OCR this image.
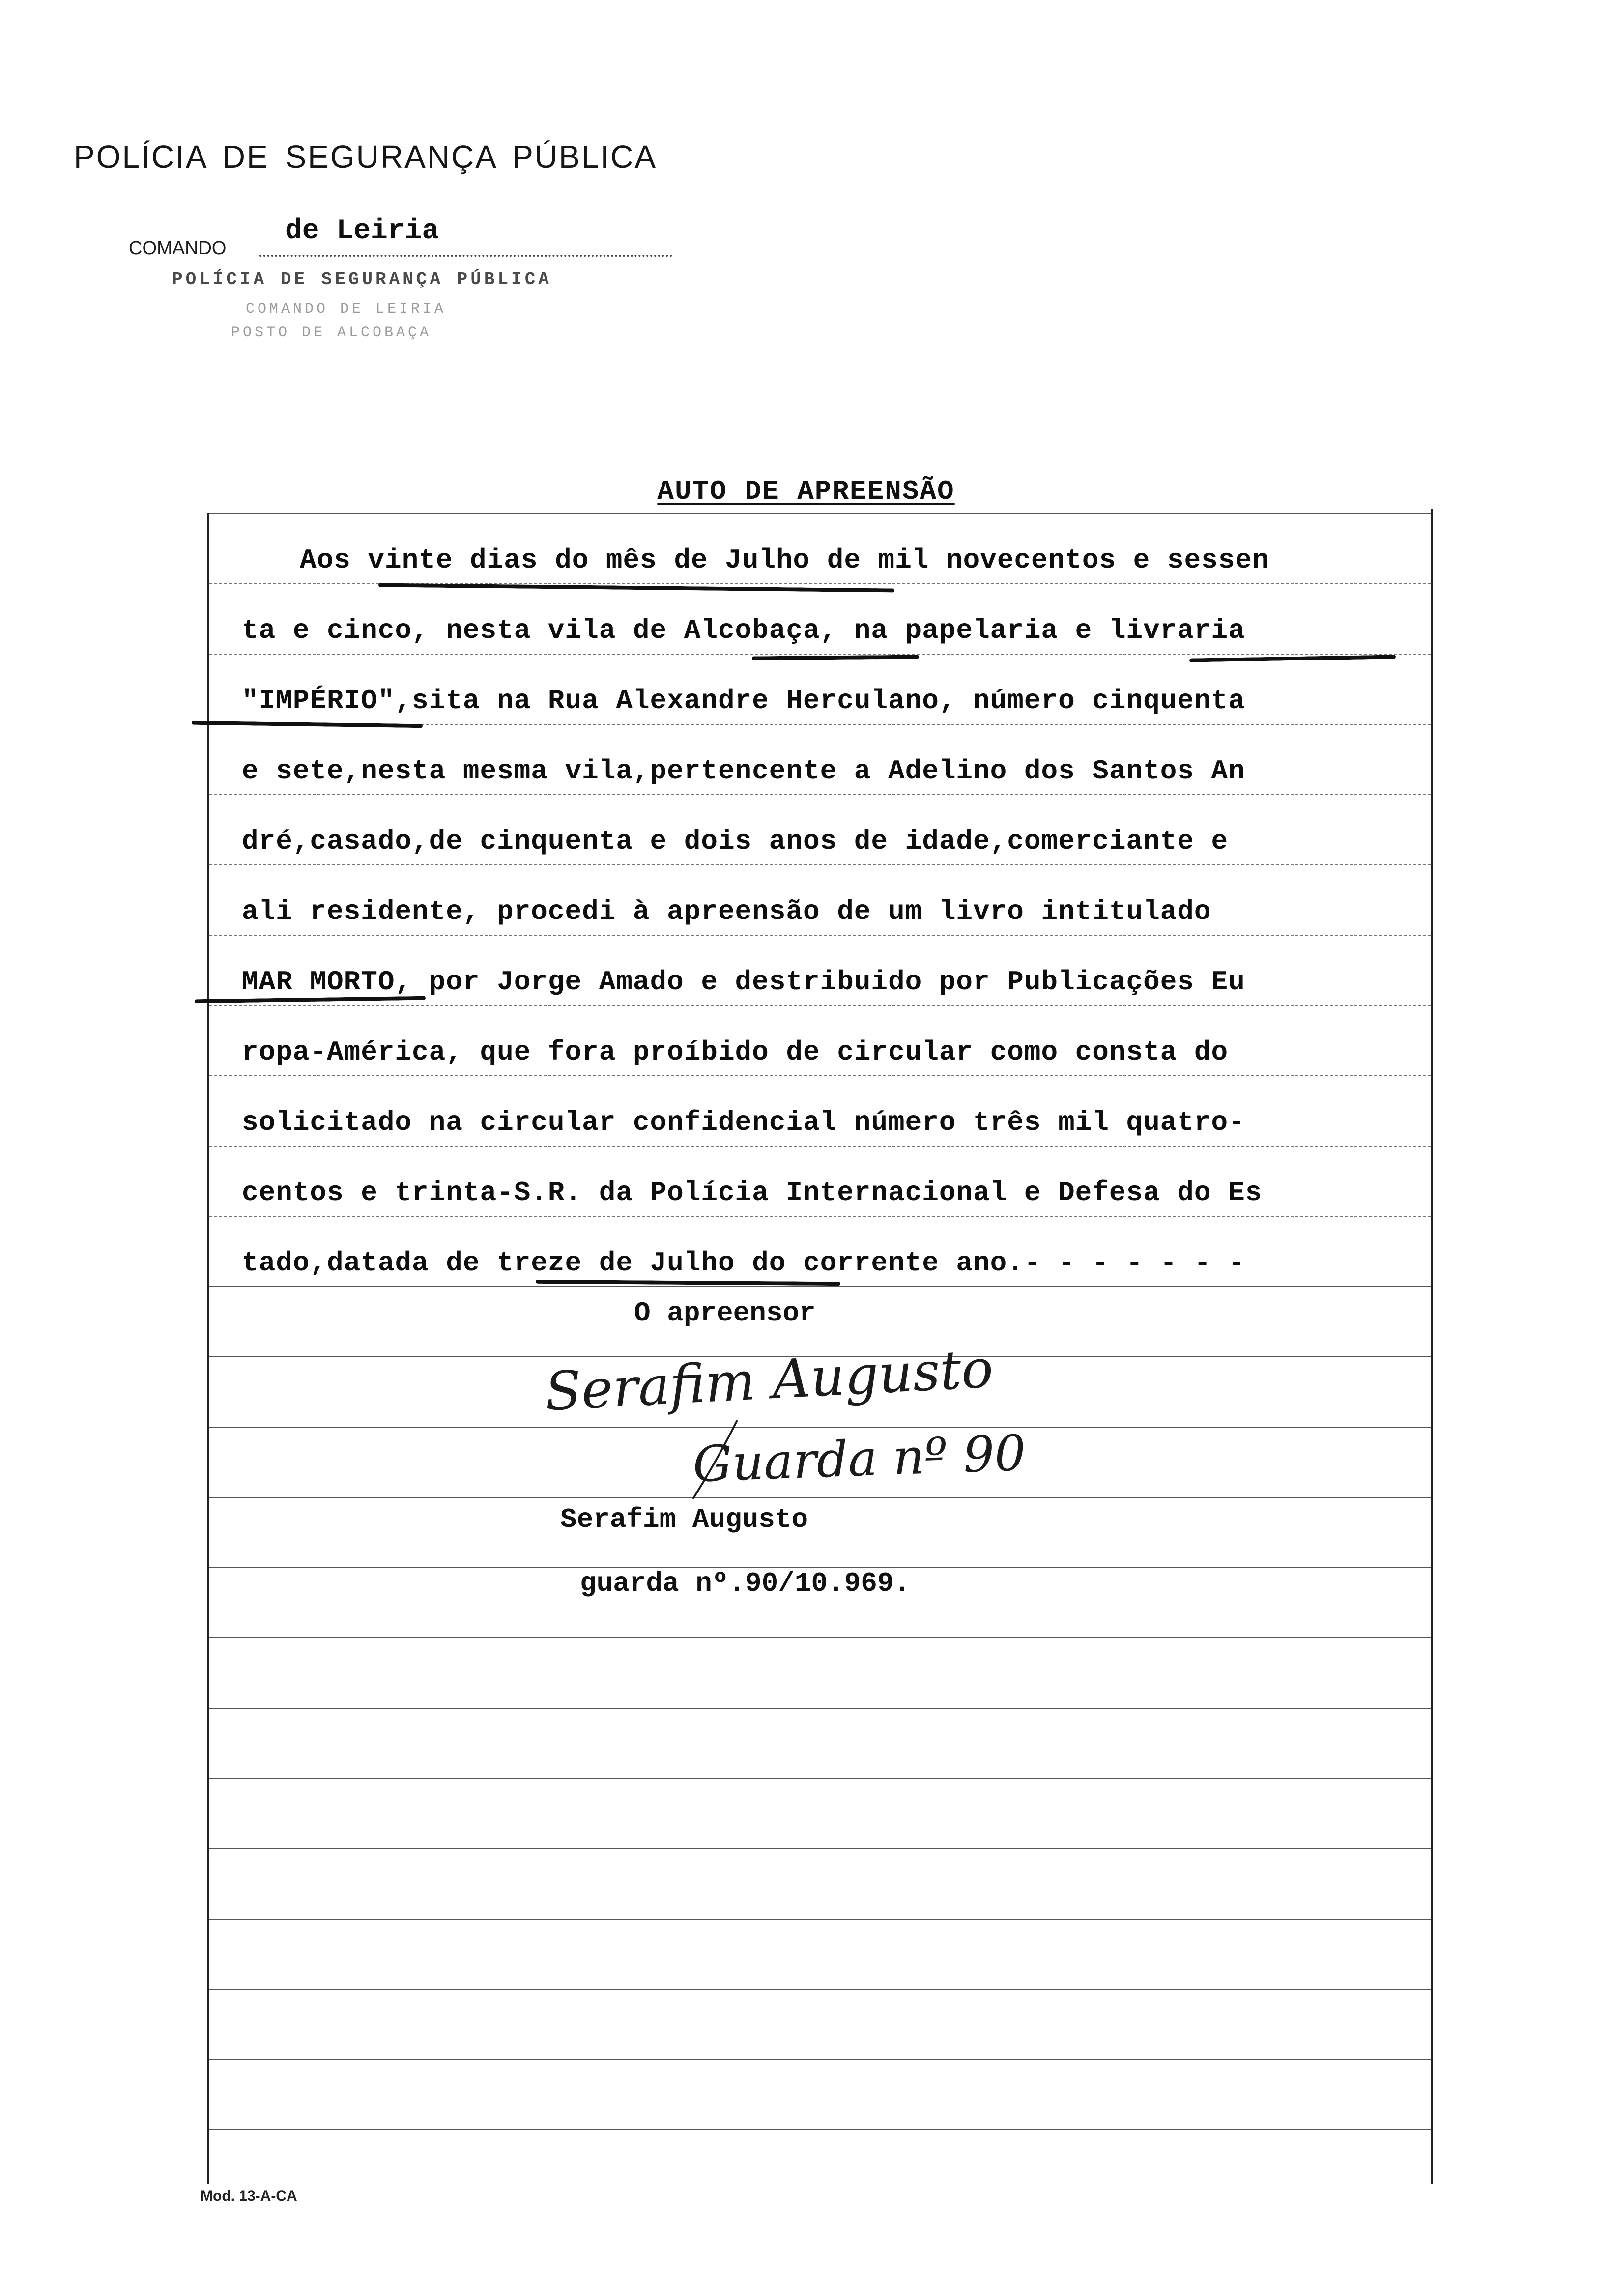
POLÍCIA DE SEGURANÇA PÚBLICA
COMANDO
de Leiria
POLÍCIA DE SEGURANÇA PÚBLICA
COMANDO DE LEIRIA
POSTO DE ALCOBAÇA
AUTO DE APREENSÃO
Aos vinte dias do mês de Julho de mil novecentos e sessen
ta e cinco, nesta vila de Alcobaça, na papelaria e livraria
"IMPÉRIO",sita na Rua Alexandre Herculano, número cinquenta
e sete,nesta mesma vila,pertencente a Adelino dos Santos An
dré,casado,de cinquenta e dois anos de idade,comerciante e
ali residente, procedi à apreensão de um livro intitulado
MAR MORTO, por Jorge Amado e destribuido por Publicações Eu
ropa-América, que fora proíbido de circular como consta do
solicitado na circular confidencial número três mil quatro-
centos e trinta-S.R. da Polícia Internacional e Defesa do Es
tado,datada de treze de Julho do corrente ano.- - - - - - -
O apreensor
Serafim Augusto
Guarda nº 90
Serafim Augusto
guarda nº.90/10.969.
Mod. 13-A-CA
